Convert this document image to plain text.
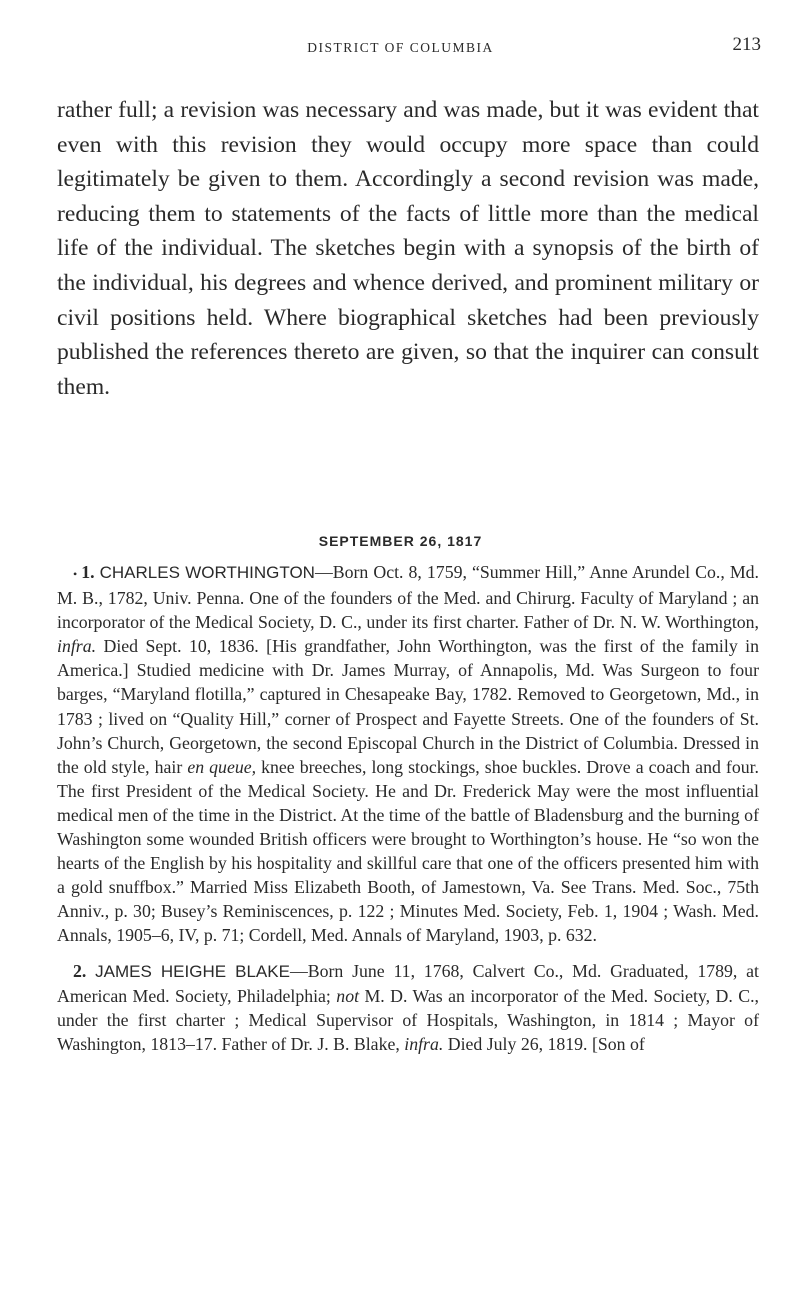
DISTRICT OF COLUMBIA	213

rather full; a revision was necessary and was made, but it was evident that even with this revision they would occupy more space than could legitimately be given to them. Accordingly a second revision was made, reducing them to statements of the facts of little more than the medical life of the individual. The sketches begin with a synopsis of the birth of the individual, his degrees and whence derived, and prominent military or civil positions held. Where biographical sketches had been previously published the references thereto are given, so that the inquirer can consult them.

SEPTEMBER 26, 1817

• 1. CHARLES WORTHINGTON—Born Oct. 8, 1759, “Summer Hill,” Anne Arundel Co., Md. M. B., 1782, Univ. Penna. One of the founders of the Med. and Chirurg. Faculty of Maryland ; an incorporator of the Medical Society, D. C., under its first charter. Father of Dr. N. W. Worthington, infra. Died Sept. 10, 1836. [His grandfather, John Worthington, was the first of the family in America.] Studied medicine with Dr. James Murray, of Annapolis, Md. Was Surgeon to four barges, “Maryland flotilla,” captured in Chesapeake Bay, 1782. Removed to Georgetown, Md., in 1783 ; lived on “Quality Hill,” corner of Prospect and Fayette Streets. One of the founders of St. John’s Church, Georgetown, the second Episcopal Church in the District of Columbia. Dressed in the old style, hair en queue, knee breeches, long stockings, shoe buckles. Drove a coach and four. The first President of the Medical Society. He and Dr. Frederick May were the most influential medical men of the time in the District. At the time of the battle of Bladensburg and the burning of Washington some wounded British officers were brought to Worthington’s house. He “so won the hearts of the English by his hospitality and skillful care that one of the officers presented him with a gold snuffbox.” Married Miss Elizabeth Booth, of Jamestown, Va. See Trans. Med. Soc., 75th Anniv., p. 30; Busey’s Reminiscences, p. 122 ; Minutes Med. Society, Feb. 1, 1904 ; Wash. Med. Annals, 1905–6, IV, p. 71; Cordell, Med. Annals of Maryland, 1903, p. 632.

2. JAMES HEIGHE BLAKE—Born June 11, 1768, Calvert Co., Md. Graduated, 1789, at American Med. Society, Philadelphia; not M. D. Was an incorporator of the Med. Society, D. C., under the first charter ; Medical Supervisor of Hospitals, Washington, in 1814 ; Mayor of Washington, 1813–17. Father of Dr. J. B. Blake, infra. Died July 26, 1819. [Son of
